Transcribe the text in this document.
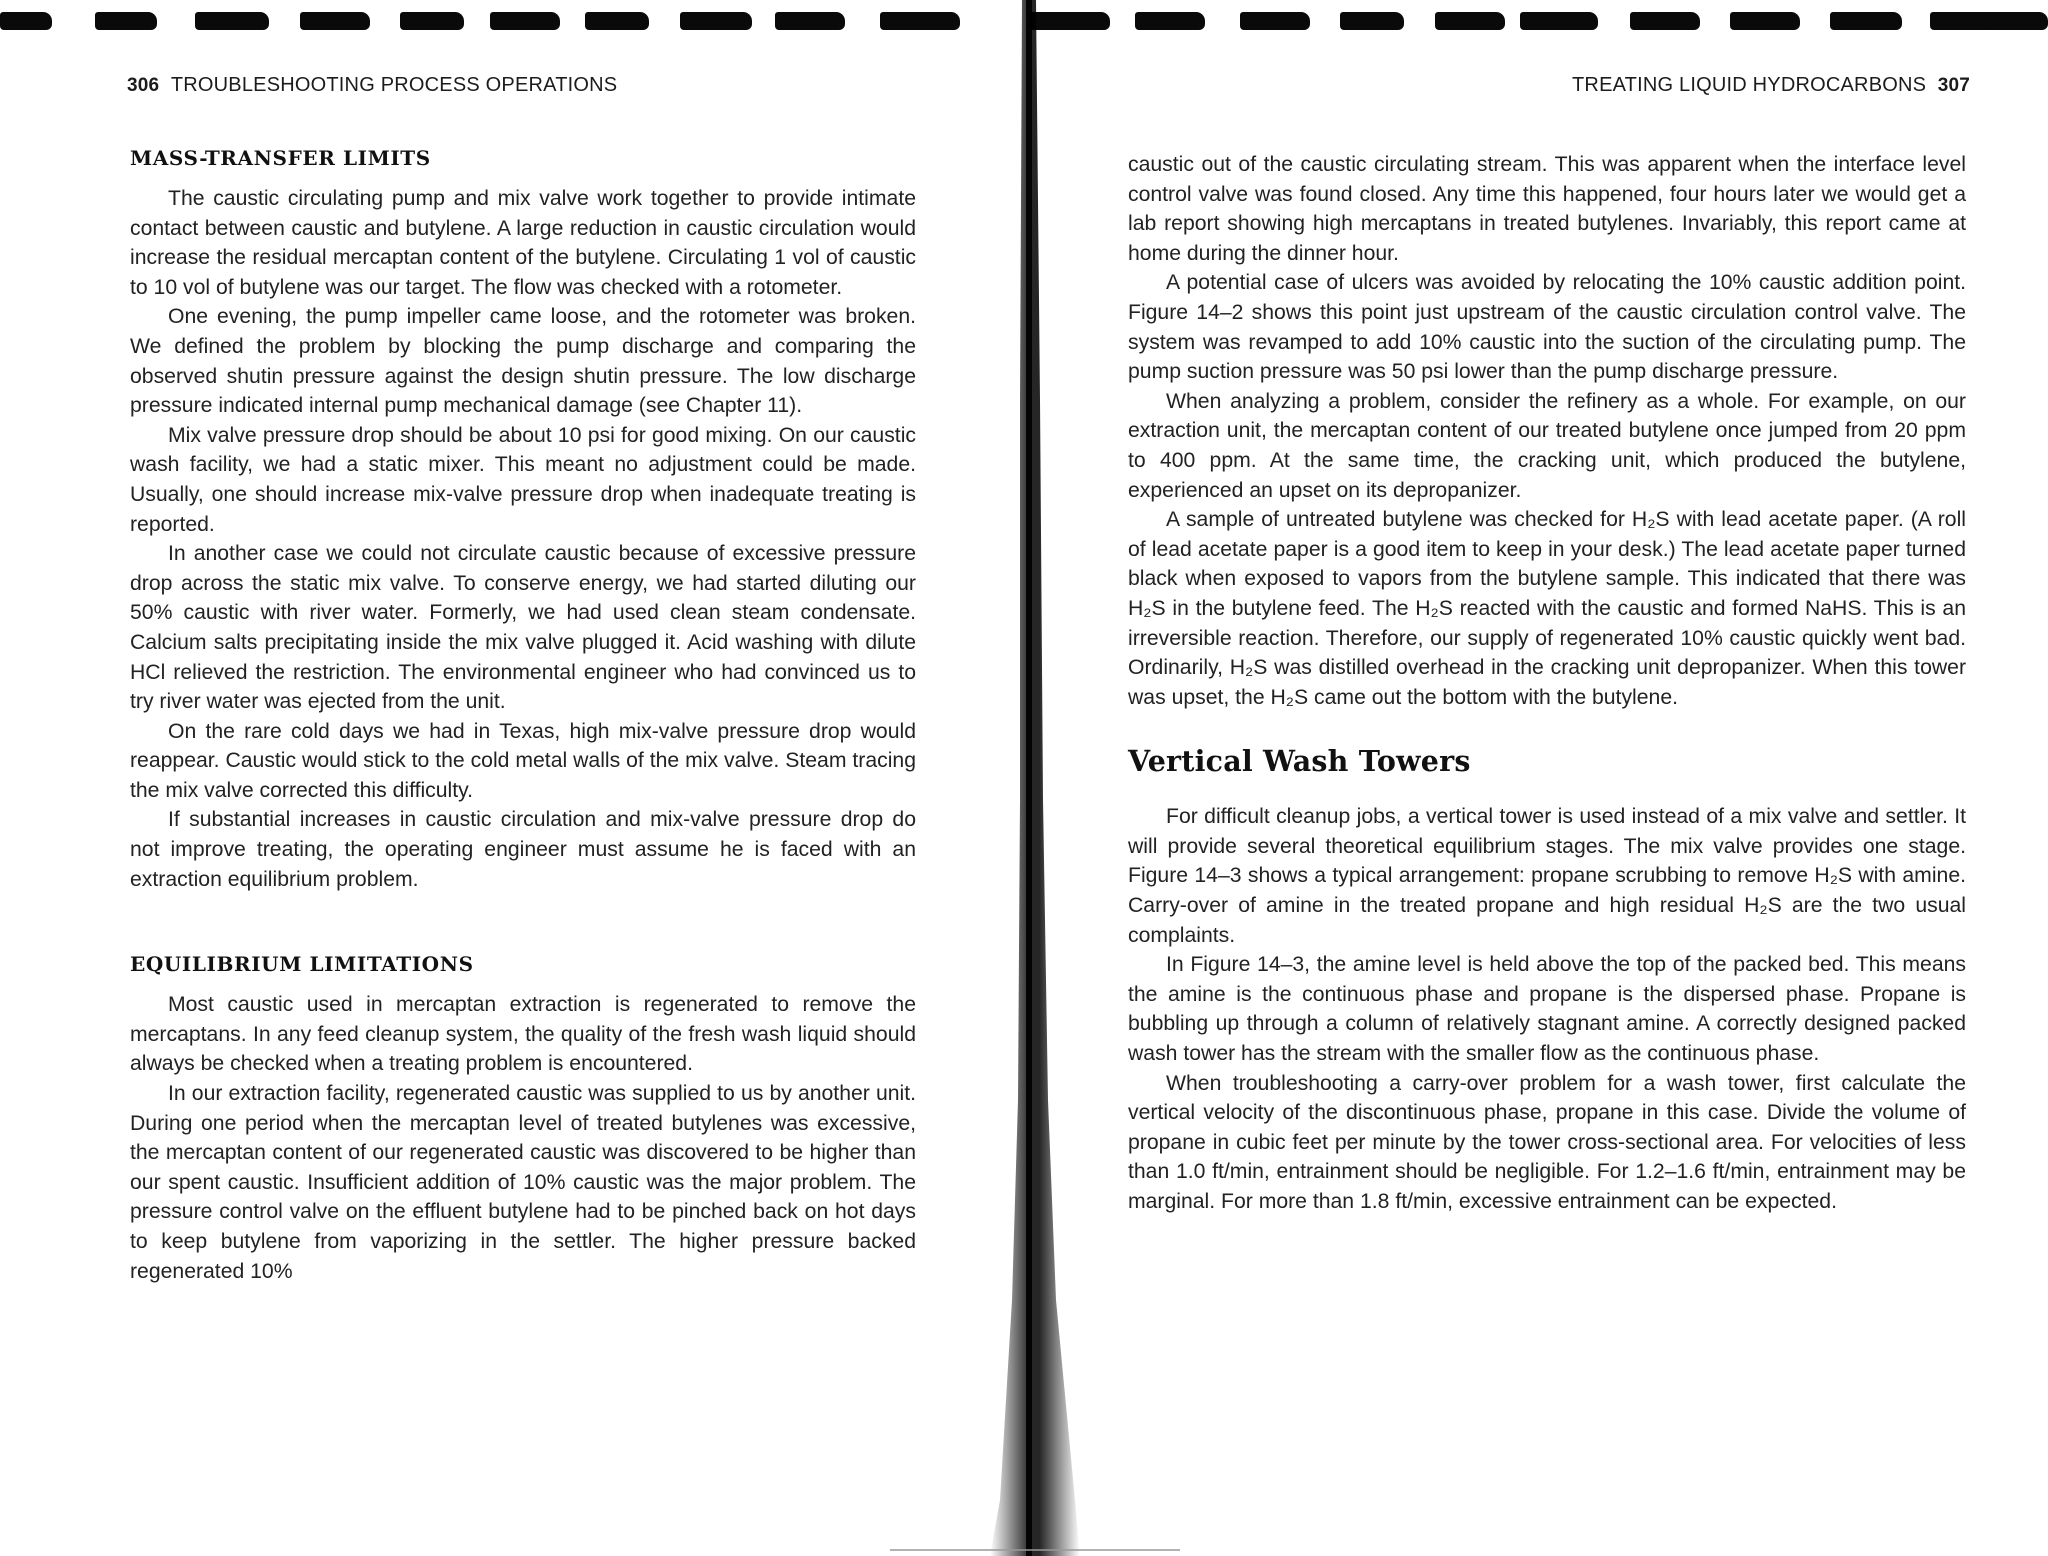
306 TROUBLESHOOTING PROCESS OPERATIONS
MASS-TRANSFER LIMITS

The caustic circulating pump and mix valve work together to provide intimate contact between caustic and butylene. A large reduction in caustic circulation would increase the residual mercaptan content of the butylene. Circulating 1 vol of caustic to 10 vol of butylene was our target. The flow was checked with a rotometer.

One evening, the pump impeller came loose, and the rotometer was broken. We defined the problem by blocking the pump discharge and comparing the observed shutin pressure against the design shutin pressure. The low discharge pressure indicated internal pump mechanical damage (see Chapter 11).

Mix valve pressure drop should be about 10 psi for good mixing. On our caustic wash facility, we had a static mixer. This meant no adjustment could be made. Usually, one should increase mix-valve pressure drop when inadequate treating is reported.

In another case we could not circulate caustic because of excessive pressure drop across the static mix valve. To conserve energy, we had started diluting our 50% caustic with river water. Formerly, we had used clean steam condensate. Calcium salts precipitating inside the mix valve plugged it. Acid washing with dilute HCl relieved the restriction. The environmental engineer who had convinced us to try river water was ejected from the unit.

On the rare cold days we had in Texas, high mix-valve pressure drop would reappear. Caustic would stick to the cold metal walls of the mix valve. Steam tracing the mix valve corrected this difficulty.

If substantial increases in caustic circulation and mix-valve pressure drop do not improve treating, the operating engineer must assume he is faced with an extraction equilibrium problem.

EQUILIBRIUM LIMITATIONS

Most caustic used in mercaptan extraction is regenerated to remove the mercaptans. In any feed cleanup system, the quality of the fresh wash liquid should always be checked when a treating problem is encountered.

In our extraction facility, regenerated caustic was supplied to us by another unit. During one period when the mercaptan level of treated butylenes was excessive, the mercaptan content of our regenerated caustic was discovered to be higher than our spent caustic. Insufficient addition of 10% caustic was the major problem. The pressure control valve on the effluent butylene had to be pinched back on hot days to keep butylene from vaporizing in the settler. The higher pressure backed regenerated 10%

TREATING LIQUID HYDROCARBONS 307

caustic out of the caustic circulating stream. This was apparent when the interface level control valve was found closed. Any time this happened, four hours later we would get a lab report showing high mercaptans in treated butylenes. Invariably, this report came at home during the dinner hour.

A potential case of ulcers was avoided by relocating the 10% caustic addition point. Figure 14–2 shows this point just upstream of the caustic circulation control valve. The system was revamped to add 10% caustic into the suction of the circulating pump. The pump suction pressure was 50 psi lower than the pump discharge pressure.

When analyzing a problem, consider the refinery as a whole. For example, on our extraction unit, the mercaptan content of our treated butylene once jumped from 20 ppm to 400 ppm. At the same time, the cracking unit, which produced the butylene, experienced an upset on its depropanizer.

A sample of untreated butylene was checked for H₂S with lead acetate paper. (A roll of lead acetate paper is a good item to keep in your desk.) The lead acetate paper turned black when exposed to vapors from the butylene sample. This indicated that there was H₂S in the butylene feed. The H₂S reacted with the caustic and formed NaHS. This is an irreversible reaction. Therefore, our supply of regenerated 10% caustic quickly went bad. Ordinarily, H₂S was distilled overhead in the cracking unit depropanizer. When this tower was upset, the H₂S came out the bottom with the butylene.

Vertical Wash Towers

For difficult cleanup jobs, a vertical tower is used instead of a mix valve and settler. It will provide several theoretical equilibrium stages. The mix valve provides one stage. Figure 14–3 shows a typical arrangement: propane scrubbing to remove H₂S with amine. Carry-over of amine in the treated propane and high residual H₂S are the two usual complaints.

In Figure 14–3, the amine level is held above the top of the packed bed. This means the amine is the continuous phase and propane is the dispersed phase. Propane is bubbling up through a column of relatively stagnant amine. A correctly designed packed wash tower has the stream with the smaller flow as the continuous phase.

When troubleshooting a carry-over problem for a wash tower, first calculate the vertical velocity of the discontinuous phase, propane in this case. Divide the volume of propane in cubic feet per minute by the tower cross-sectional area. For velocities of less than 1.0 ft/min, entrainment should be negligible. For 1.2–1.6 ft/min, entrainment may be marginal. For more than 1.8 ft/min, excessive entrainment can be expected.
